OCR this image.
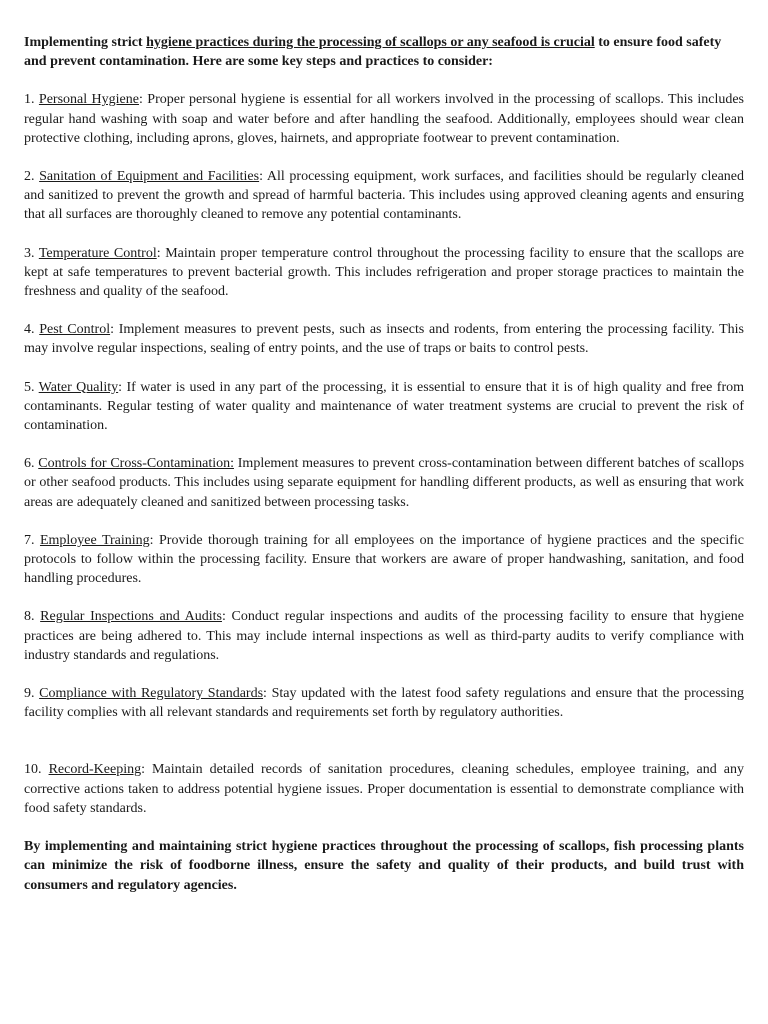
Implementing strict hygiene practices during the processing of scallops or any seafood is crucial to ensure food safety and prevent contamination. Here are some key steps and practices to consider:

1. Personal Hygiene: Proper personal hygiene is essential for all workers involved in the processing of scallops. This includes regular hand washing with soap and water before and after handling the seafood. Additionally, employees should wear clean protective clothing, including aprons, gloves, hairnets, and appropriate footwear to prevent contamination.

2. Sanitation of Equipment and Facilities: All processing equipment, work surfaces, and facilities should be regularly cleaned and sanitized to prevent the growth and spread of harmful bacteria. This includes using approved cleaning agents and ensuring that all surfaces are thoroughly cleaned to remove any potential contaminants.

3. Temperature Control: Maintain proper temperature control throughout the processing facility to ensure that the scallops are kept at safe temperatures to prevent bacterial growth. This includes refrigeration and proper storage practices to maintain the freshness and quality of the seafood.

4. Pest Control: Implement measures to prevent pests, such as insects and rodents, from entering the processing facility. This may involve regular inspections, sealing of entry points, and the use of traps or baits to control pests.

5. Water Quality: If water is used in any part of the processing, it is essential to ensure that it is of high quality and free from contaminants. Regular testing of water quality and maintenance of water treatment systems are crucial to prevent the risk of contamination.

6. Controls for Cross-Contamination: Implement measures to prevent cross-contamination between different batches of scallops or other seafood products. This includes using separate equipment for handling different products, as well as ensuring that work areas are adequately cleaned and sanitized between processing tasks.

7. Employee Training: Provide thorough training for all employees on the importance of hygiene practices and the specific protocols to follow within the processing facility. Ensure that workers are aware of proper handwashing, sanitation, and food handling procedures.

8. Regular Inspections and Audits: Conduct regular inspections and audits of the processing facility to ensure that hygiene practices are being adhered to. This may include internal inspections as well as third-party audits to verify compliance with industry standards and regulations.

9. Compliance with Regulatory Standards: Stay updated with the latest food safety regulations and ensure that the processing facility complies with all relevant standards and requirements set forth by regulatory authorities.

10. Record-Keeping: Maintain detailed records of sanitation procedures, cleaning schedules, employee training, and any corrective actions taken to address potential hygiene issues. Proper documentation is essential to demonstrate compliance with food safety standards.

By implementing and maintaining strict hygiene practices throughout the processing of scallops, fish processing plants can minimize the risk of foodborne illness, ensure the safety and quality of their products, and build trust with consumers and regulatory agencies.
